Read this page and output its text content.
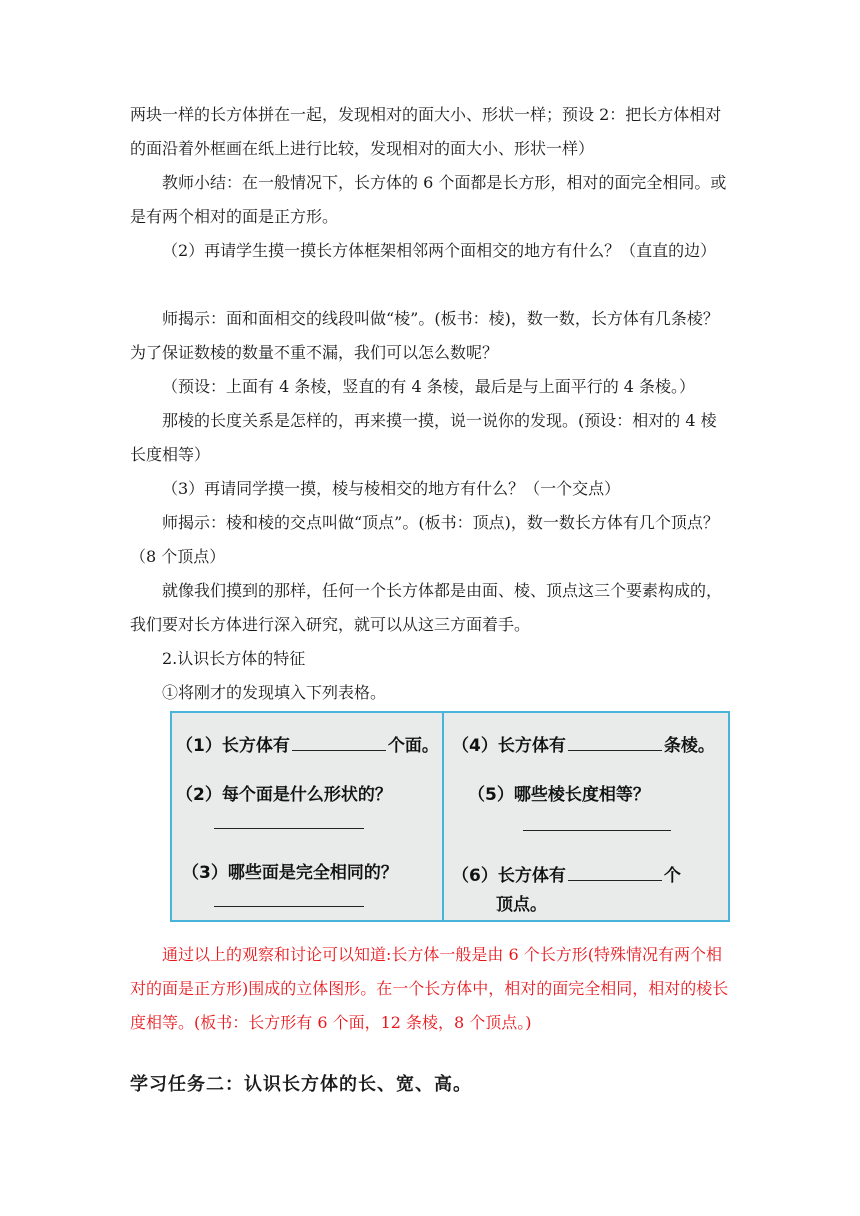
两块一样的长方体拼在一起，发现相对的面大小、形状一样；预设 2：把长方体相对的面沿着外框画在纸上进行比较，发现相对的面大小、形状一样）

教师小结：在一般情况下，长方体的 6 个面都是长方形，相对的面完全相同。或是有两个相对的面是正方形。

（2）再请学生摸一摸长方体框架相邻两个面相交的地方有什么？（直直的边）

师揭示：面和面相交的线段叫做“棱”。(板书：棱)，数一数，长方体有几条棱？为了保证数棱的数量不重不漏，我们可以怎么数呢？

（预设：上面有 4 条棱，竖直的有 4 条棱，最后是与上面平行的 4 条棱。）

那棱的长度关系是怎样的，再来摸一摸，说一说你的发现。(预设：相对的 4 棱长度相等）

（3）再请同学摸一摸，棱与棱相交的地方有什么？（一个交点）

师揭示：棱和棱的交点叫做“顶点”。(板书：顶点)，数一数长方体有几个顶点？（8 个顶点）

就像我们摸到的那样，任何一个长方体都是由面、棱、顶点这三个要素构成的，我们要对长方体进行深入研究，就可以从这三方面着手。

2.认识长方体的特征

①将刚才的发现填入下列表格。

（1）长方体有	个面。
（2）每个面是什么形状的？
（3）哪些面是完全相同的？
（4）长方体有	条棱。
（5）哪些棱长度相等？
（6）长方体有	个
顶点。

通过以上的观察和讨论可以知道:长方体一般是由 6 个长方形(特殊情况有两个相对的面是正方形)围成的立体图形。在一个长方体中，相对的面完全相同，相对的棱长度相等。(板书：长方形有 6 个面，12 条棱，8 个顶点。)

学习任务二：认识长方体的长、宽、高。
